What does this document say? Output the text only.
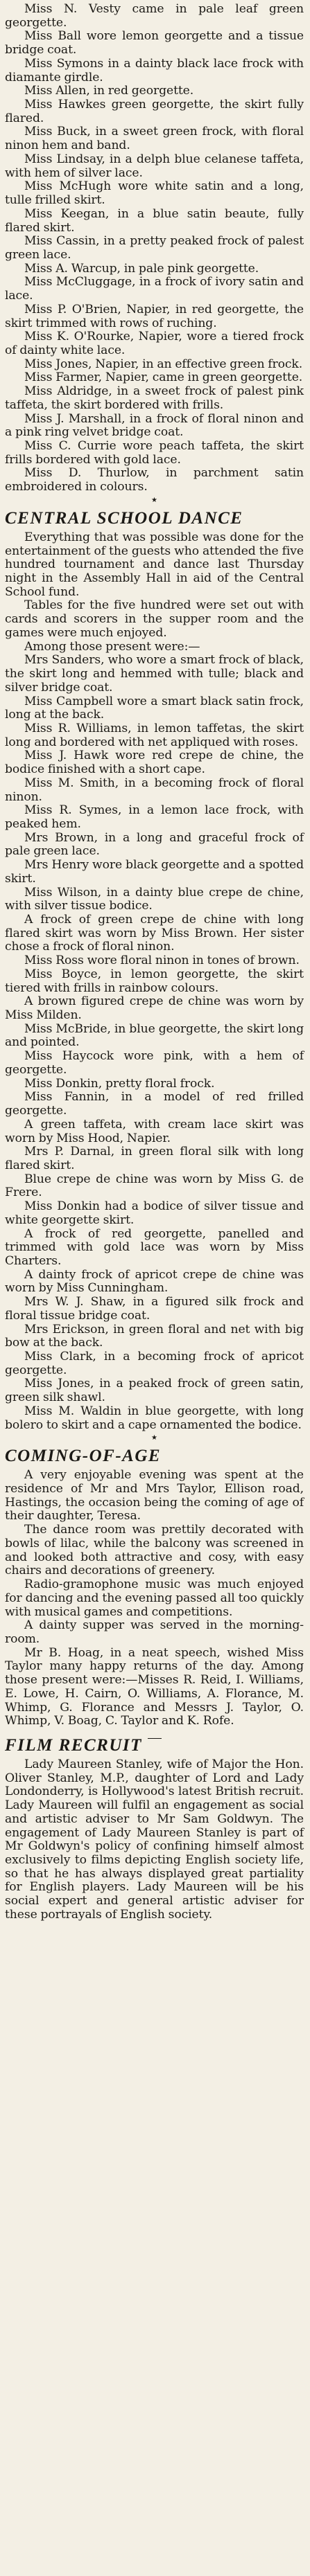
Miss N. Vesty came in pale leaf green georgette.

Miss Ball wore lemon georgette and a tissue bridge coat.

Miss Symons in a dainty black lace frock with diamante girdle.

Miss Allen, in red georgette.

Miss Hawkes green georgette, the skirt fully flared.

Miss Buck, in a sweet green frock, with floral ninon hem and band.

Miss Lindsay, in a delph blue celanese taffeta, with hem of silver lace.

Miss McHugh wore white satin and a long, tulle frilled skirt.

Miss Keegan, in a blue satin beaute, fully flared skirt.

Miss Cassin, in a pretty peaked frock of palest green lace.

Miss A. Warcup, in pale pink georgette.

Miss McCluggage, in a frock of ivory satin and lace.

Miss P. O'Brien, Napier, in red georgette, the skirt trimmed with rows of ruching.

Miss K. O'Rourke, Napier, wore a tiered frock of dainty white lace.

Miss Jones, Napier, in an effective green frock.

Miss Farmer, Napier, came in green georgette.

Miss Aldridge, in a sweet frock of palest pink taffeta, the skirt bordered with frills.

Miss J. Marshall, in a frock of floral ninon and a pink ring velvet bridge coat.

Miss C. Currie wore peach taffeta, the skirt frills bordered with gold lace.

Miss D. Thurlow, in parchment satin embroidered in colours.

★
CENTRAL SCHOOL DANCE

Everything that was possible was done for the entertainment of the guests who attended the five hundred tournament and dance last Thursday night in the Assembly Hall in aid of the Central School fund.

Tables for the five hundred were set out with cards and scorers in the supper room and the games were much enjoyed.

Among those present were:—

Mrs Sanders, who wore a smart frock of black, the skirt long and hemmed with tulle; black and silver bridge coat.

Miss Campbell wore a smart black satin frock, long at the back.

Miss R. Williams, in lemon taffetas, the skirt long and bordered with net appliqued with roses.

Miss J. Hawk wore red crepe de chine, the bodice finished with a short cape.

Miss M. Smith, in a becoming frock of floral ninon.

Miss R. Symes, in a lemon lace frock, with peaked hem.

Mrs Brown, in a long and graceful frock of pale green lace.

Mrs Henry wore black georgette and a spotted skirt.

Miss Wilson, in a dainty blue crepe de chine, with silver tissue bodice.

A frock of green crepe de chine with long flared skirt was worn by Miss Brown. Her sister chose a frock of floral ninon.

Miss Ross wore floral ninon in tones of brown.

Miss Boyce, in lemon georgette, the skirt tiered with frills in rainbow colours.

A brown figured crepe de chine was worn by Miss Milden.

Miss McBride, in blue georgette, the skirt long and pointed.

Miss Haycock wore pink, with a hem of georgette.

Miss Donkin, pretty floral frock.

Miss Fannin, in a model of red frilled georgette.

A green taffeta, with cream lace skirt was worn by Miss Hood, Napier.

Mrs P. Darnal, in green floral silk with long flared skirt.

Blue crepe de chine was worn by Miss G. de Frere.

Miss Donkin had a bodice of silver tissue and white georgette skirt.

A frock of red georgette, panelled and trimmed with gold lace was worn by Miss Charters.

A dainty frock of apricot crepe de chine was worn by Miss Cunningham.

Mrs W. J. Shaw, in a figured silk frock and floral tissue bridge coat.

Mrs Erickson, in green floral and net with big bow at the back.

Miss Clark, in a becoming frock of apricot georgette.

Miss Jones, in a peaked frock of green satin, green silk shawl.

Miss M. Waldin in blue georgette, with long bolero to skirt and a cape ornamented the bodice.

★
COMING-OF-AGE

A very enjoyable evening was spent at the residence of Mr and Mrs Taylor, Ellison road, Hastings, the occasion being the coming of age of their daughter, Teresa.

The dance room was prettily decorated with bowls of lilac, while the balcony was screened in and looked both attractive and cosy, with easy chairs and decorations of greenery.

Radio-gramophone music was much enjoyed for dancing and the evening passed all too quickly with musical games and competitions.

A dainty supper was served in the morning-room.

Mr B. Hoag, in a neat speech, wished Miss Taylor many happy returns of the day. Among those present were:—Misses R. Reid, I. Williams, E. Lowe, H. Cairn, O. Williams, A. Florance, M. Whimp, G. Florance and Messrs J. Taylor, O. Whimp, V. Boag, C. Taylor and K. Rofe.

FILM RECRUIT

Lady Maureen Stanley, wife of Major the Hon. Oliver Stanley, M.P., daughter of Lord and Lady Londonderry, is Hollywood's latest British recruit. Lady Maureen will fulfil an engagement as social and artistic adviser to Mr Sam Goldwyn. The engagement of Lady Maureen Stanley is part of Mr Goldwyn's policy of confining himself almost exclusively to films depicting English society life, so that he has always displayed great partiality for English players. Lady Maureen will be his social expert and general artistic adviser for these portrayals of English society.
